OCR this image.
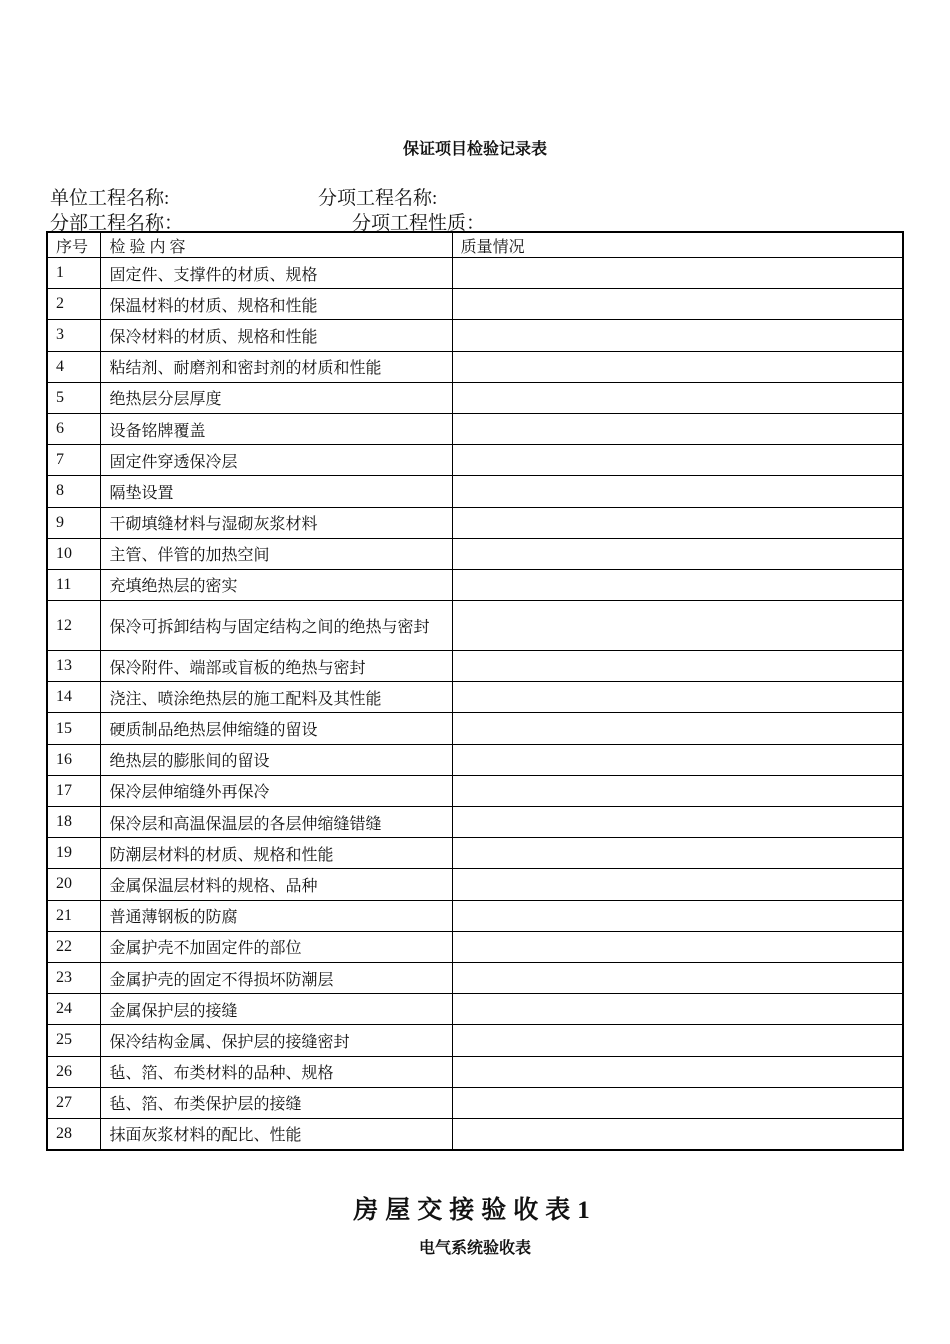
保证项目检验记录表
单位工程名称:	分项工程名称:
分部工程名称：	分项工程性质：
序号	检 验 内 容	质量情况
1	固定件、支撑件的材质、规格	
2	保温材料的材质、规格和性能	
3	保冷材料的材质、规格和性能	
4	粘结剂、耐磨剂和密封剂的材质和性能	
5	绝热层分层厚度	
6	设备铭牌覆盖	
7	固定件穿透保冷层	
8	隔垫设置	
9	干砌填缝材料与湿砌灰浆材料	
10	主管、伴管的加热空间	
11	充填绝热层的密实	
12	保冷可拆卸结构与固定结构之间的绝热与密封	
13	保冷附件、端部或盲板的绝热与密封	
14	浇注、喷涂绝热层的施工配料及其性能	
15	硬质制品绝热层伸缩缝的留设	
16	绝热层的膨胀间的留设	
17	保冷层伸缩缝外再保冷	
18	保冷层和高温保温层的各层伸缩缝错缝	
19	防潮层材料的材质、规格和性能	
20	金属保温层材料的规格、品种	
21	普通薄钢板的防腐	
22	金属护壳不加固定件的部位	
23	金属护壳的固定不得损坏防潮层	
24	金属保护层的接缝	
25	保冷结构金属、保护层的接缝密封	
26	毡、箔、布类材料的品种、规格	
27	毡、箔、布类保护层的接缝	
28	抹面灰浆材料的配比、性能	
房屋交接验收表1
电气系统验收表
